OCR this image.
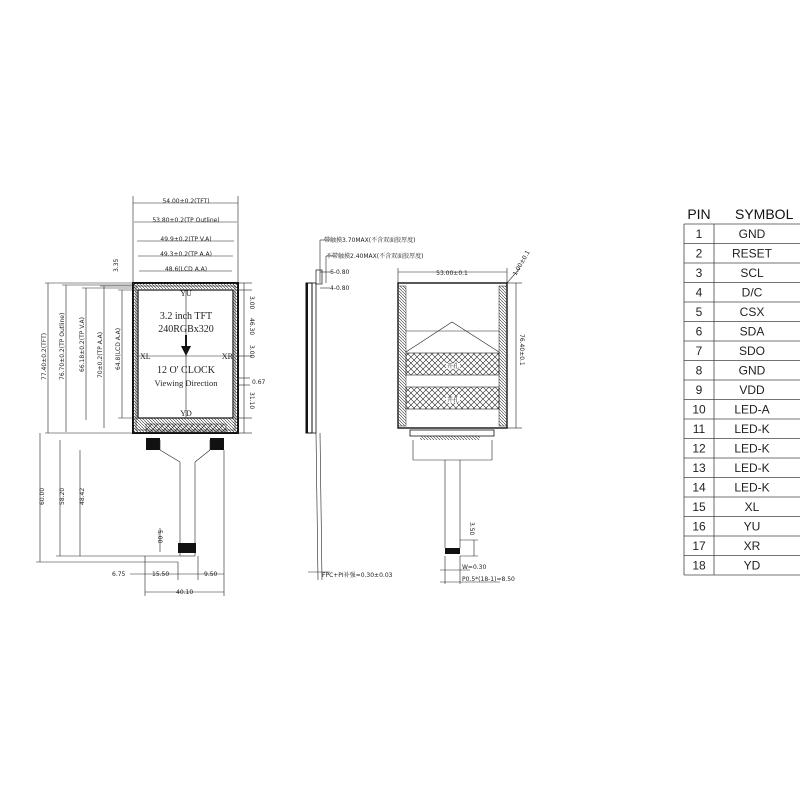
54.00±0.2(TFT)
53.80±0.2(TP Outline)
49.9±0.2(TP V.A)
49.3±0.2(TP A.A)
48.6(LCD A.A)
3.35
YU
3.2 inch TFT
240RGBx320
XL	XR
12 O' CLOCK
Viewing Direction
YD
77.40±0.2(TFT) 76.70±0.2(TP Outline) 66.18±0.2(TP V.A) 70±0.2(TP A.A) 64.8(LCD A.A)
60.00 58.20 48.42
3.00
46.30
3.00
31.10
0.67
6.75	15.50	9.50
40.10
5.00
带触摸3.70MAX(不含双面胶厚度)
不带触摸2.40MAX(不含双面胶厚度)
6-0.80
4-0.80
FPC+PI补强=0.30±0.03
53.00±0.1
76.40±0.1
1.00±0.1
开孔
开孔
3.50
W=0.30
P0.5*(18-1)=8.50
PIN SYMBOL
1	GND
2 RESET
3	SCL
4	D/C
5	CSX
6	SDA
7	SDO
8	GND
9	VDD
10 LED-A
11 LED-K
12 LED-K
13 LED-K
14 LED-K
15	XL
16	YU
17	XR
18	YD
